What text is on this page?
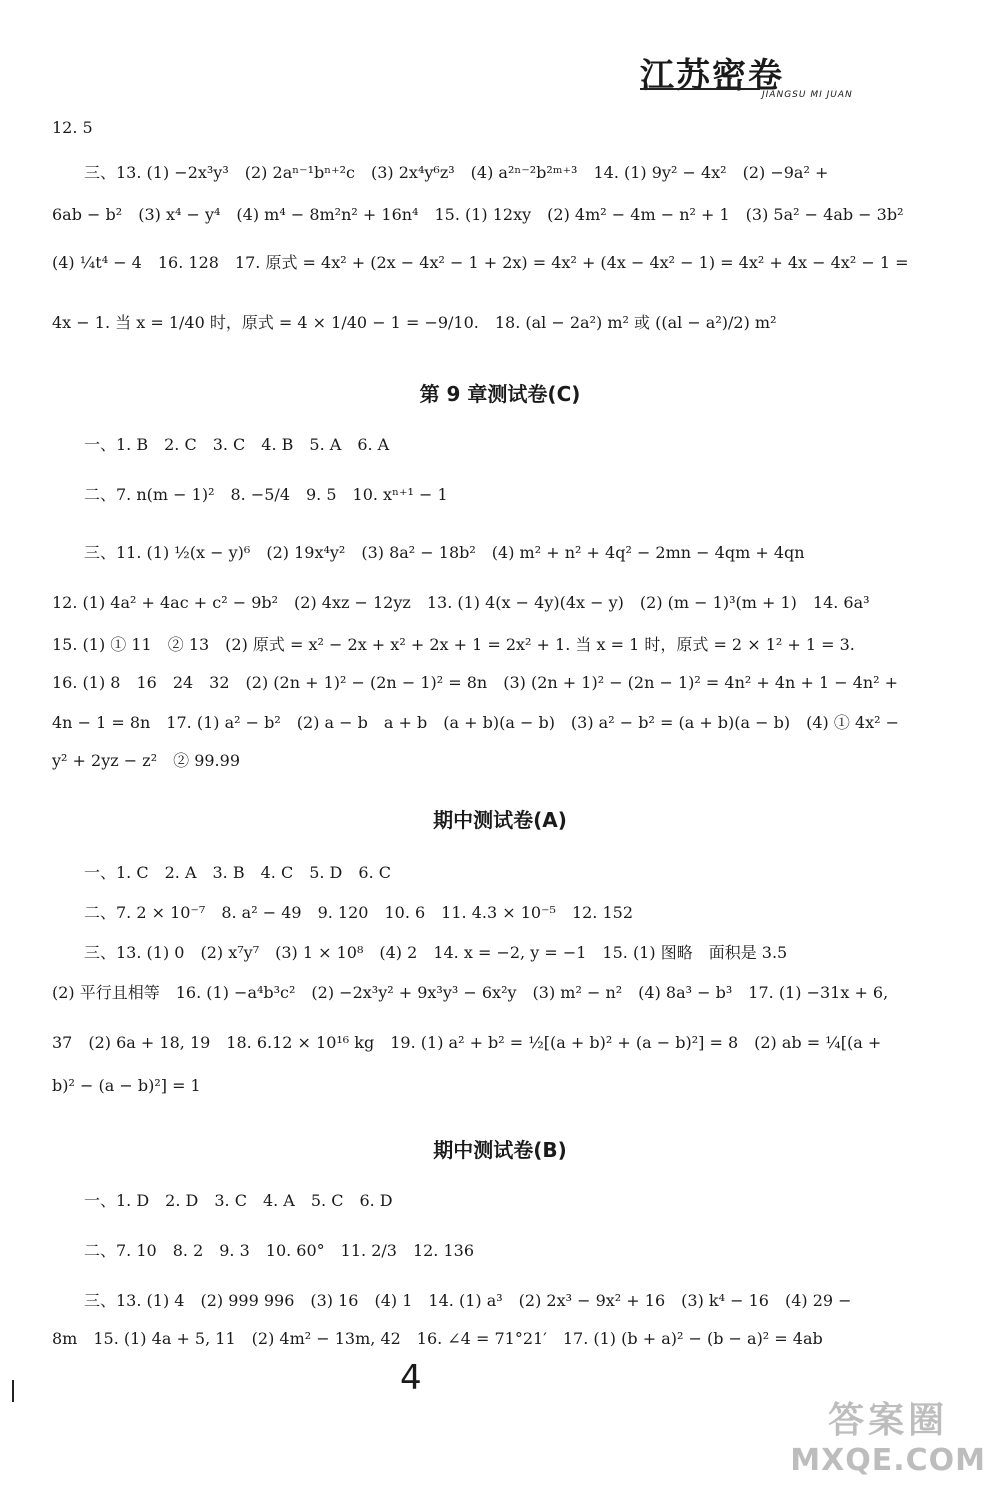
江苏密卷
JIANGSU MI JUAN
12. 5
三、13. (1) −2x³y³　(2) 2aⁿ⁻¹bⁿ⁺²c　(3) 2x⁴y⁶z³　(4) a²ⁿ⁻²b²ᵐ⁺³　14. (1) 9y² − 4x²　(2) −9a² +
6ab − b²　(3) x⁴ − y⁴　(4) m⁴ − 8m²n² + 16n⁴　15. (1) 12xy　(2) 4m² − 4m − n² + 1　(3) 5a² − 4ab − 3b²
(4) ¼t⁴ − 4　16. 128　17. 原式 = 4x² + (2x − 4x² − 1 + 2x) = 4x² + (4x − 4x² − 1) = 4x² + 4x − 4x² − 1 =
4x − 1. 当 x = 1/40 时，原式 = 4 × 1/40 − 1 = −9/10.　18. (al − 2a²) m² 或 ((al − a²)/2) m²
第 9 章测试卷(C)
一、1. B　2. C　3. C　4. B　5. A　6. A
二、7. n(m − 1)²　8. −5/4　9. 5　10. xⁿ⁺¹ − 1
三、11. (1) ½(x − y)⁶　(2) 19x⁴y²　(3) 8a² − 18b²　(4) m² + n² + 4q² − 2mn − 4qm + 4qn
12. (1) 4a² + 4ac + c² − 9b²　(2) 4xz − 12yz　13. (1) 4(x − 4y)(4x − y)　(2) (m − 1)³(m + 1)　14. 6a³
15. (1) ① 11　② 13　(2) 原式 = x² − 2x + x² + 2x + 1 = 2x² + 1. 当 x = 1 时，原式 = 2 × 1² + 1 = 3.
16. (1) 8　16　24　32　(2) (2n + 1)² − (2n − 1)² = 8n　(3) (2n + 1)² − (2n − 1)² = 4n² + 4n + 1 − 4n² +
4n − 1 = 8n　17. (1) a² − b²　(2) a − b　a + b　(a + b)(a − b)　(3) a² − b² = (a + b)(a − b)　(4) ① 4x² −
y² + 2yz − z²　② 99.99
期中测试卷(A)
一、1. C　2. A　3. B　4. C　5. D　6. C
二、7. 2 × 10⁻⁷　8. a² − 49　9. 120　10. 6　11. 4.3 × 10⁻⁵　12. 152
三、13. (1) 0　(2) x⁷y⁷　(3) 1 × 10⁸　(4) 2　14. x = −2, y = −1　15. (1) 图略　面积是 3.5
(2) 平行且相等　16. (1) −a⁴b³c²　(2) −2x³y² + 9x³y³ − 6x²y　(3) m² − n²　(4) 8a³ − b³　17. (1) −31x + 6,
37　(2) 6a + 18, 19　18. 6.12 × 10¹⁶ kg　19. (1) a² + b² = ½[(a + b)² + (a − b)²] = 8　(2) ab = ¼[(a +
b)² − (a − b)²] = 1
期中测试卷(B)
一、1. D　2. D　3. C　4. A　5. C　6. D
二、7. 10　8. 2　9. 3　10. 60°　11. 2/3　12. 136
三、13. (1) 4　(2) 999 996　(3) 16　(4) 1　14. (1) a³　(2) 2x³ − 9x² + 16　(3) k⁴ − 16　(4) 29 −
8m　15. (1) 4a + 5, 11　(2) 4m² − 13m, 42　16. ∠4 = 71°21′　17. (1) (b + a)² − (b − a)² = 4ab
4
答案圈
MXQE.COM
